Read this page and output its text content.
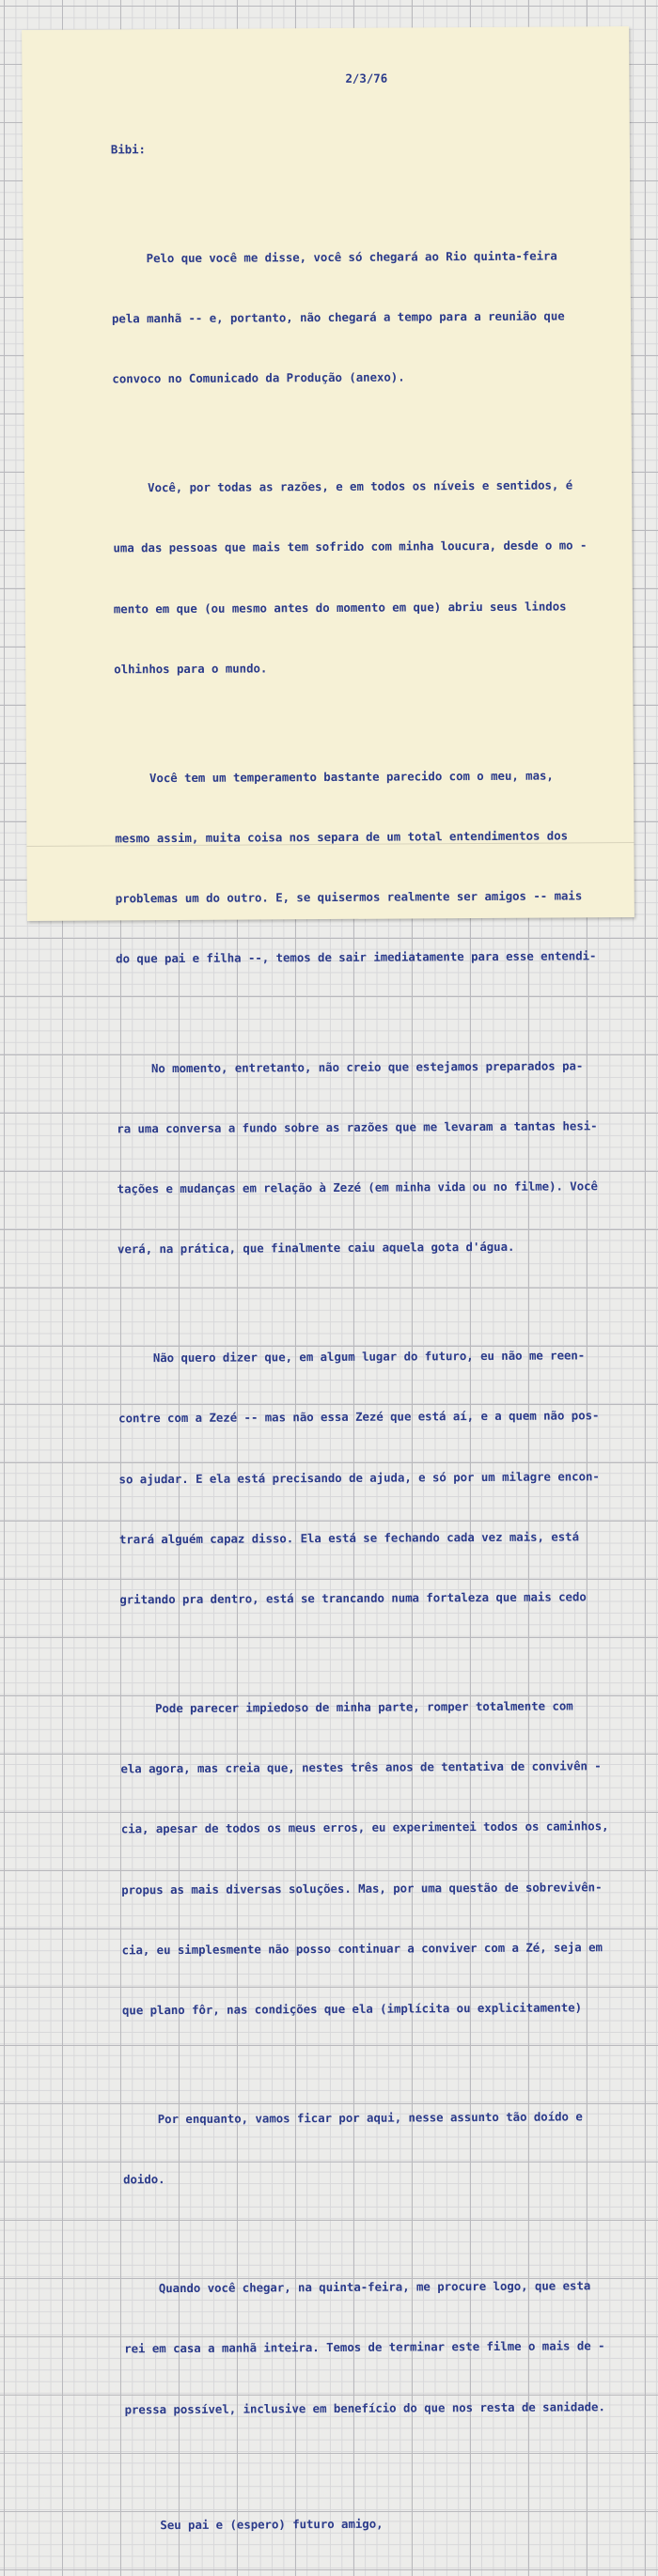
2/3/76

Bibi:

Pelo que você me disse, você só chegará ao Rio quinta-feira

pela manhã -- e, portanto, não chegará a tempo para a reunião que

convoco no Comunicado da Produção (anexo).

Você, por todas as razões, e em todos os níveis e sentidos, é

uma das pessoas que mais tem sofrido com minha loucura, desde o mo -

mento em que (ou mesmo antes do momento em que) abriu seus lindos

olhinhos para o mundo.

Você tem um temperamento bastante parecido com o meu, mas,

mesmo assim, muita coisa nos separa de um total entendimentos dos

problemas um do outro. E, se quisermos realmente ser amigos -- mais

do que pai e filha --, temos de sair imediatamente para esse entendi-

No momento, entretanto, não creio que estejamos preparados pa-

ra uma conversa a fundo sobre as razões que me levaram a tantas hesi-

tações e mudanças em relação à Zezé (em minha vida ou no filme). Você

verá, na prática, que finalmente caiu aquela gota d'água.

Não quero dizer que, em algum lugar do futuro, eu não me reen-

contre com a Zezé -- mas não essa Zezé que está aí, e a quem não pos-

so ajudar. E ela está precisando de ajuda, e só por um milagre encon-

trará alguém capaz disso. Ela está se fechando cada vez mais, está

gritando pra dentro, está se trancando numa fortaleza que mais cedo

Pode parecer impiedoso de minha parte, romper totalmente com

ela agora, mas creia que, nestes três anos de tentativa de convivên -

cia, apesar de todos os meus erros, eu experimentei todos os caminhos,

propus as mais diversas soluções. Mas, por uma questão de sobrevivên-

cia, eu simplesmente não posso continuar a conviver com a Zé, seja em

que plano fôr, nas condições que ela (implícita ou explicitamente)

Por enquanto, vamos ficar por aqui, nesse assunto tão doído e

doido.

Quando você chegar, na quinta-feira, me procure logo, que esta

rei em casa a manhã inteira. Temos de terminar este filme o mais de -

pressa possível, inclusive em benefício do que nos resta de sanidade.

Seu pai e (espero) futuro amigo,
